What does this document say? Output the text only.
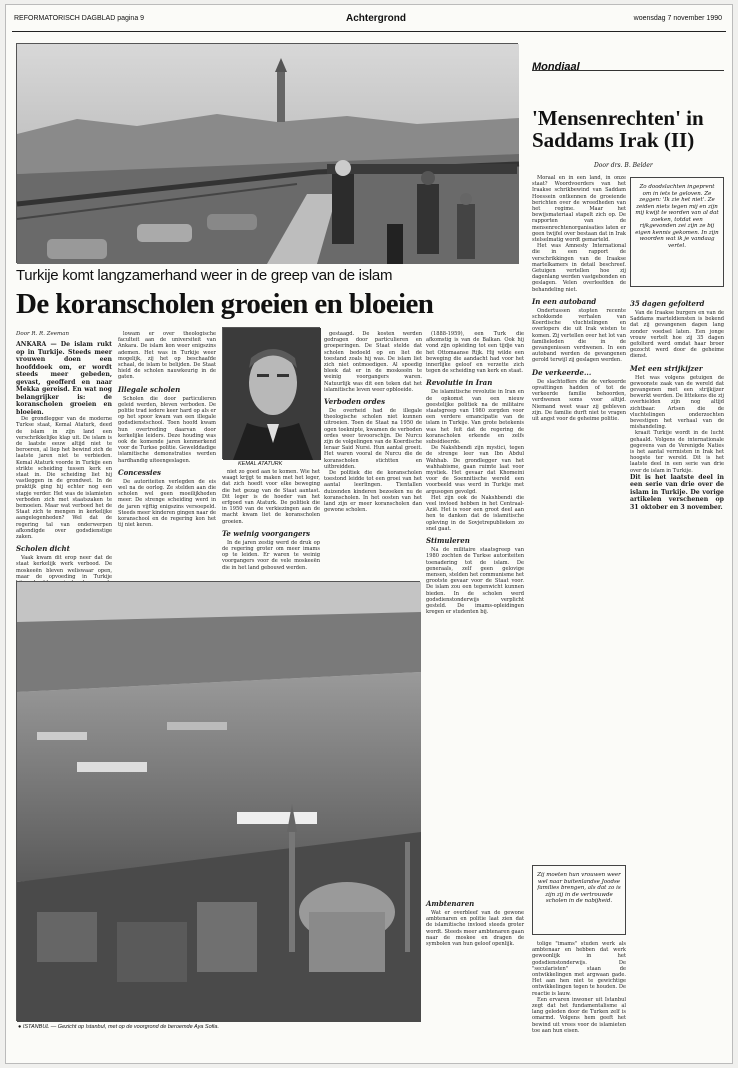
REFORMATORISCH DAGBLAD pagina 9	Achtergrond	woensdag 7 november 1990
Turkije komt langzamerhand weer in de greep van de islam
De koranscholen groeien en bloeien
Door R. R. Zeeman

ANKARA — De islam rukt op in Turkije. Steeds meer vrouwen doen een hoofddoek om, er wordt steeds meer gebeden, gevast, geofferd en naar Mekka gereisd. En wat nog belangrijker is: de koranscholen groeien en bloeien.

De grondlegger van de moderne Turkse staat, Kemal Ataturk, deed de islam in zijn land een verschrikkelijke klap uit. De islam is de laatste eeuw altijd niet te beroeren, al liep het bewind zich de laatste jaren niet te verbieden. Kemal Ataturk voorde in Turkije een strikte scheiding tussen kerk en staat in. Die scheiding liet hij vastleggen in de grondwet. In de praktijk ging hij echter nog een stapje verder. Het was de islamieten verboden zich met staatszaken te bemoeien. Maar wat verboed het de Staat zich te mengen in kerkelijke aangelegenheden? Wel dat de regering tal van onderwerpen afkondigde over godsdienstige zaken.

Scholen dicht

Vaak kwam dit erop neer dat de staat kerkelijk werk verbood. De moskeeën bleven weliswaar open, maar de opvoeding in Turkije

lowam er over theologische faculteit aan de universiteit van Ankara. De islam kon weer enigszins ademen. Het was in Turkije weer mogelijk, zij het op beschaafde schaal, de islam te belijden. De Staat hield de scholen nauwkeurig in de gaten.

Illegale scholen

Scholen die door particulieren geleid werden, bleven verboden. De politie trad iedere keer hard op als er op het spoor kwam van een illegale godsdienstschool. Toen hoofd kwam hun overtreding daarvan door kerkelijke leiders. Deze houding was ook de komende jaren kenmerkend voor de Turkse politie. Gewelddadige islamitische demonstraties werden hardhandig uiteengeslagen.

Concessies

De autoriteiten verlegden de eis wel na de oorlog. Ze stelden aan die scholen wel geen moeilijkheden meer. De strenge scheiding werd in de jaren vijftig enigszins versoepeld. Steeds meer kinderen gingen naar de koranschool en de regering kon het tij niet keren.

KEMAL ATATURK

niet zo goed aan te komen. Wie het waagt krijgt te maken met het leger, dat zich hoedt voor elke beweging die het gezag van de Staat aantast. Dit leger is de hoeder van het erfgoed van Ataturk. De politiek die in 1950 van de verkiezingen aan de macht kwam liet de koranscholen groeien.

Te weinig voorgangers

In de jaren zestig werd de druk op de regering groter om meer imams op te leiden. Er waren te weinig voorgangers voor de vele moskeeën die in het land gebouwd werden.

gestaagd. De kosten werden gedragen door particulieren en groeperingen. De Staat stelde dat scholen bedoeld op en liet de toestand zoals hij was. De islam liet zich niet ontmoedigen. Al spoedig bleek dat er in de moskeeën te weinig voorgangers waren. Natuurlijk was dit een teken dat het islamitische leven weer opbloeide.

Verboden ordes

De overheid had de illegale theologische scholen niet kunnen uitroeien. Toen de Staat na 1950 de ogen toeknipte, kwamen de verboden ordes weer tevoorschijn. De Nurcu zijn de volgelingen van de Koerdische leraar Said Nursi. Hun aantal groeit. Het waren vooral de Nurcu die de koranscholen stichtten en uitbreidden.

De politiek die de koranscholen toestond leidde tot een groei van het aantal leerlingen. Tientallen duizenden kinderen bezoeken nu de koranscholen. In het oosten van het land zijn er meer koranscholen dan gewone scholen.

(1888-1959), een Turk die afkomstig is van de Balkan. Ook hij vond zijn opleiding tot een tijdje van het Ottomaanse Rijk. Hij wilde een beweging die aandacht had voor het innerlijke geloof en verzette zich tegen de scheiding van kerk en staat.

Revolutie in Iran

De islamitische revolutie in Iran en de opkomst van een nieuw geestelijke politiek na de militaire staatsgreep van 1980 zorgden voor een verdere emancipatie van de islam in Turkije. Van grote betekenis was het feit dat de regering de koranscholen erkende en zelfs subsidieerde.

De Nakshbendi zijn mystici, tegen de strenge leer van Ibn Abdul Wahhab. De grondlegger van het wahhabisme, gaan ruimte laat voor mystiek. Het gevaar dat Khomeini voor de Soennitische wereld een voorbeeld was werd in Turkije met argusogen gevolgd.

Het zijn ook de Nakshbendi die veel invloed hebben in het Centraal-Azië. Het is voor een groot deel aan hen te danken dat de islamitische opleving in de Sovjetrepublieken zo snel gaat.

Stimuleren

Na de militaire staatsgreep van 1980 zochten de Turkse autoriteiten toenadering tot de islam. De generaals, zelf geen gelovige mensen, stelden het communisme het grootste gevaar voor de Staat voor. De islam zou een tegenwicht kunnen bieden. In de scholen werd godsdienstonderwijs verplicht gesteld. De imams-opleidingen kregen er studenten bij.

● ISTANBUL — Gezicht op Istanbul, met op de voorgrond de beroemde Aya Sofia.
Ambtenaren

Wat er overbleef van de gewone ambtenaren en politie laat zien dat de islamitische invloed steeds groter wordt. Steeds meer ambtenaren gaan naar de moskee en dragen de symbolen van hun geloof openlijk.

Mondiaal
'Mensenrechten' in Saddams Irak (II)
Door drs. B. Belder

Moraal en in een land, in onze staat? Woordvoerders van het Iraakse schrikbewind van Saddam Hoessein ontkennen de groeiende berichten over de wreedheden van het regime. Maar het bewijsmateriaal stapelt zich op. De rapporten van de mensenrechtenorganisaties laten er geen twijfel over bestaan dat in Irak stelselmatig wordt gemarteld.

Het was Amnesty International die in een rapport de verschrikkingen van de Iraakse martelkamers in detail beschreef. Getuigen vertellen hoe zij dagenlang werden vastgebonden en geslagen. Velen overleefden de behandeling niet.

In een autoband

Ondertussen stopten recente schokkende verhalen van Koerdische vluchtelingen en overlopers die uit Irak wisten te komen. Zij vertellen over het lot van familieleden die in de gevangenissen verdwenen. In een autoband werden de gevangenen gerold terwijl zij geslagen werden.

De verkeerde...

De slachtoffers die de verkeerde opvattingen hadden of tot de verkeerde familie behoorden, verdwenen soms voor altijd. Niemand weet waar zij gebleven zijn. De familie durft niet te vragen uit angst voor de geheime politie.

Zo doodslachten ingeprent om in iets te geloven. Ze zeggen: 'Ik zie het niet'. Ze zeiden niets tegen mij en zijn mij kwijt te worden van al dat zoeken, totdat een rijkgevonden zei zijn ze bij eigen kennis gekomen. In zijn woorden wat ik je vandaag vertel.
35 dagen gefolterd

Van de Iraakse burgers en van de Saddams marteldiensten is bekend dat zij gevangenen dagen lang zonder voedsel laten. Een jonge vrouw vertelt hoe zij 35 dagen gefolterd werd omdat haar broer gezocht werd door de geheime dienst.

Met een strijkijzer

Het was volgens getuigen de gewoonste zaak van de wereld dat gevangenen met een strijkijzer bewerkt werden. De littekens die zij overhielden zijn nog altijd zichtbaar. Artsen die de vluchtelingen onderzochten bevestigen het verhaal van de mishandeling.

kraait Turkije wordt in de lucht gehaald. Volgens de internationale gegevens van de Verenigde Naties is het aantal vermisten in Irak het hoogste ter wereld. Dit is het laatste deel in een serie van drie over de islam in Turkije.

Dit is het laatste deel in een serie van drie over de islam in Turkije. De vorige artikelen verschenen op 31 oktober en 3 november.

Zij moeten hun vrouwen weer wel naar buitenlandse Joodse families brengen, als dat zo is zijn zij in de vertrouwde scholen in de nabijheid.

tolige "imams" studen werk als ambtenaar en hebben dat werk gewoonlijk in het godsdienstonderwijs. De "secularisten" staan de ontwikkelingen met argwaan gade. Het aan hen niet te gewichtige ontwikkelingen tegen te houden. De reactie is lauw.

Een ervaren inwoner uit Istanbul zegt dat het fundamentalisme al lang geleden door de Turken zelf is omarmd. Volgens hem geeft het bewind uit vrees voor de islamieten toe aan hun eisen.
